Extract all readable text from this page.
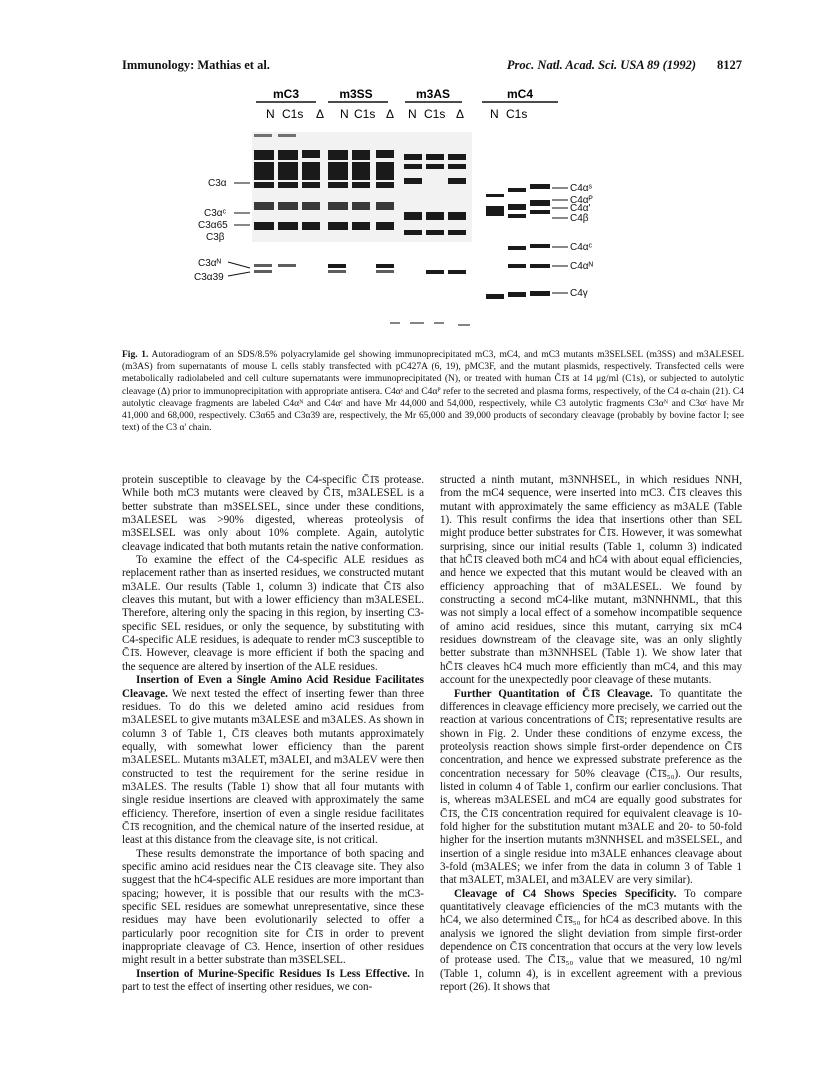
Immunology: Mathias et al.	Proc. Natl. Acad. Sci. USA 89 (1992) 8127
mC3	m3SS	m3AS	mC4
N C1s Δ N C1s Δ N C1s Δ N C1s
C3α
C3αᶜ
C3α65
C3β
C3αᴺ
C3α39
C4αˢ
C4αᴾ
C4α'
C4β
C4αᶜ
C4αᴺ
C4γ
Fig. 1. Autoradiogram of an SDS/8.5% polyacrylamide gel showing immunoprecipitated mC3, mC4, and mC3 mutants m3SELSEL (m3SS) and m3ALESEL (m3AS) from supernatants of mouse L cells stably transfected with pC427A (6, 19), pMC3F, and the mutant plasmids, respectively. Transfected cells were metabolically radiolabeled and cell culture supernatants were immunoprecipitated (N), or treated with human C̄1̄s̄ at 14 μg/ml (C1s), or subjected to autolytic cleavage (Δ) prior to immunoprecipitation with appropriate antisera. C4αˢ and C4αᴾ refer to the secreted and plasma forms, respectively, of the C4 α-chain (21). C4 autolytic cleavage fragments are labeled C4αᴺ and C4αᶜ and have Mr 44,000 and 54,000, respectively, while C3 autolytic fragments C3αᴺ and C3αᶜ have Mr 41,000 and 68,000, respectively. C3α65 and C3α39 are, respectively, the Mr 65,000 and 39,000 products of secondary cleavage (probably by bovine factor I; see text) of the C3 α' chain.

protein susceptible to cleavage by the C4-specific C̄1̄s̄ protease. While both mC3 mutants were cleaved by C̄1̄s̄, m3ALESEL is a better substrate than m3SELSEL, since under these conditions, m3ALESEL was >90% digested, whereas proteolysis of m3SELSEL was only about 10% complete. Again, autolytic cleavage indicated that both mutants retain the native conformation.

To examine the effect of the C4-specific ALE residues as replacement rather than as inserted residues, we constructed mutant m3ALE. Our results (Table 1, column 3) indicate that C̄1̄s̄ also cleaves this mutant, but with a lower efficiency than m3ALESEL. Therefore, altering only the spacing in this region, by inserting C3-specific SEL residues, or only the sequence, by substituting with C4-specific ALE residues, is adequate to render mC3 susceptible to C̄1̄s̄. However, cleavage is more efficient if both the spacing and the sequence are altered by insertion of the ALE residues.

Insertion of Even a Single Amino Acid Residue Facilitates Cleavage. We next tested the effect of inserting fewer than three residues. To do this we deleted amino acid residues from m3ALESEL to give mutants m3ALESE and m3ALES. As shown in column 3 of Table 1, C̄1̄s̄ cleaves both mutants approximately equally, with somewhat lower efficiency than the parent m3ALESEL. Mutants m3ALET, m3ALEI, and m3ALEV were then constructed to test the requirement for the serine residue in m3ALES. The results (Table 1) show that all four mutants with single residue insertions are cleaved with approximately the same efficiency. Therefore, insertion of even a single residue facilitates C̄1̄s̄ recognition, and the chemical nature of the inserted residue, at least at this distance from the cleavage site, is not critical.

These results demonstrate the importance of both spacing and specific amino acid residues near the C̄1̄s̄ cleavage site. They also suggest that the hC4-specific ALE residues are more important than spacing; however, it is possible that our results with the mC3-specific SEL residues are somewhat unrepresentative, since these residues may have been evolutionarily selected to offer a particularly poor recognition site for C̄1̄s̄ in order to prevent inappropriate cleavage of C3. Hence, insertion of other residues might result in a better substrate than m3SELSEL.

Insertion of Murine-Specific Residues Is Less Effective. In part to test the effect of inserting other residues, we con-

structed a ninth mutant, m3NNHSEL, in which residues NNH, from the mC4 sequence, were inserted into mC3. C̄1̄s̄ cleaves this mutant with approximately the same efficiency as m3ALE (Table 1). This result confirms the idea that insertions other than SEL might produce better substrates for C̄1̄s̄. However, it was somewhat surprising, since our initial results (Table 1, column 3) indicated that hC̄1̄s̄ cleaved both mC4 and hC4 with about equal efficiencies, and hence we expected that this mutant would be cleaved with an efficiency approaching that of m3ALESEL. We found by constructing a second mC4-like mutant, m3NNHNML, that this was not simply a local effect of a somehow incompatible sequence of amino acid residues, since this mutant, carrying six mC4 residues downstream of the cleavage site, was an only slightly better substrate than m3NNHSEL (Table 1). We show later that hC̄1̄s̄ cleaves hC4 much more efficiently than mC4, and this may account for the unexpectedly poor cleavage of these mutants.

Further Quantitation of C̄1̄s̄ Cleavage. To quantitate the differences in cleavage efficiency more precisely, we carried out the reaction at various concentrations of C̄1̄s̄; representative results are shown in Fig. 2. Under these conditions of enzyme excess, the proteolysis reaction shows simple first-order dependence on C̄1̄s̄ concentration, and hence we expressed substrate preference as the concentration necessary for 50% cleavage (C̄1̄s̄₅₀). Our results, listed in column 4 of Table 1, confirm our earlier conclusions. That is, whereas m3ALESEL and mC4 are equally good substrates for C̄1̄s̄, the C̄1̄s̄ concentration required for equivalent cleavage is 10-fold higher for the substitution mutant m3ALE and 20- to 50-fold higher for the insertion mutants m3NNHSEL and m3SELSEL, and insertion of a single residue into m3ALE enhances cleavage about 3-fold (m3ALES; we infer from the data in column 3 of Table 1 that m3ALET, m3ALEI, and m3ALEV are very similar).

Cleavage of C4 Shows Species Specificity. To compare quantitatively cleavage efficiencies of the mC3 mutants with the hC4, we also determined C̄1̄s̄₅₀ for hC4 as described above. In this analysis we ignored the slight deviation from simple first-order dependence on C̄1̄s̄ concentration that occurs at the very low levels of protease used. The C̄1̄s̄₅₀ value that we measured, 10 ng/ml (Table 1, column 4), is in excellent agreement with a previous report (26). It shows that
